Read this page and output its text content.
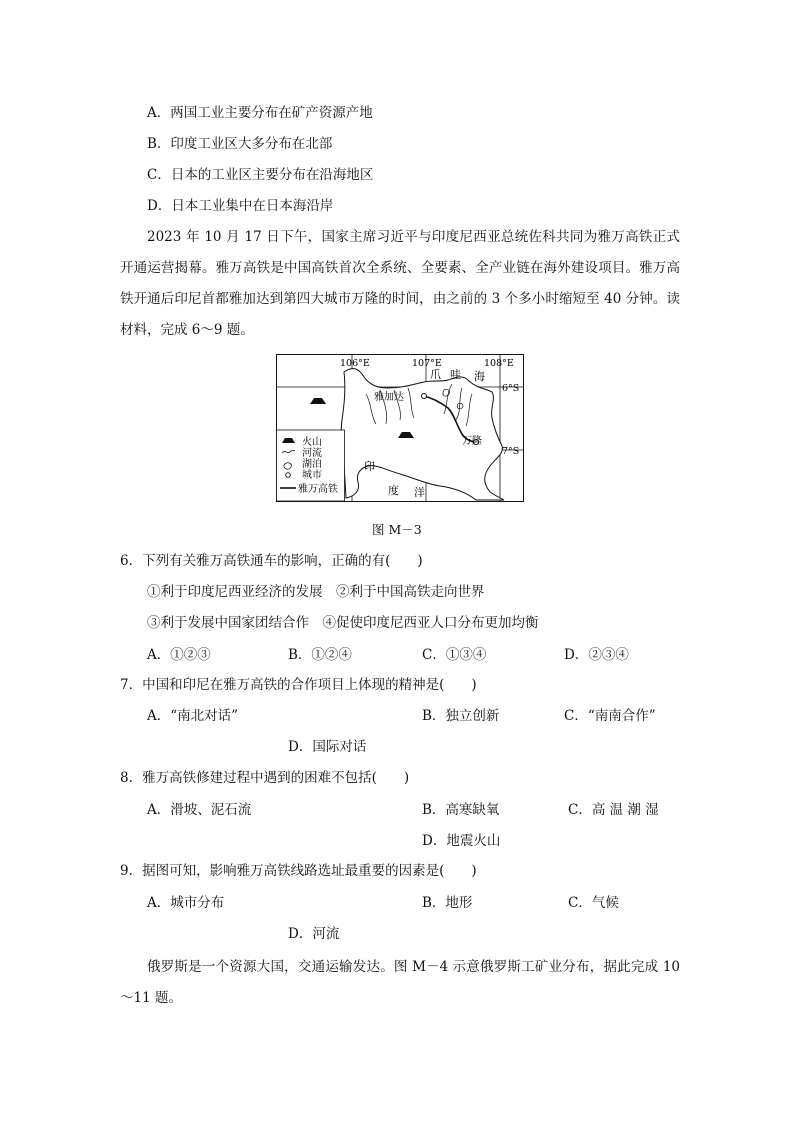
A．两国工业主要分布在矿产资源产地
B．印度工业区大多分布在北部
C．日本的工业区主要分布在沿海地区
D．日本工业集中在日本海沿岸
2023 年 10 月 17 日下午，国家主席习近平与印度尼西亚总统佐科共同为雅万高铁正式开通运营揭幕。雅万高铁是中国高铁首次全系统、全要素、全产业链在海外建设项目。雅万高铁开通后印尼首都雅加达到第四大城市万隆的时间，由之前的 3 个多小时缩短至 40 分钟。读材料，完成 6～9 题。
106°E	107°E	108°E
6°S
7°S
爪 哇 海
印
度 洋
雅加达
万隆
火山
河流
湖泊
城市
雅万高铁
图 M－3
6．下列有关雅万高铁通车的影响，正确的有(　　)
①利于印度尼西亚经济的发展　②利于中国高铁走向世界
③利于发展中国家团结合作　④促使印度尼西亚人口分布更加均衡
A．①②③	B．①②④	C．①③④	D．②③④
7．中国和印尼在雅万高铁的合作项目上体现的精神是(　　)
A．“南北对话”	B．独立创新	C．“南南合作”
D．国际对话
8．雅万高铁修建过程中遇到的困难不包括(　　)
A．滑坡、泥石流	B．高寒缺氧	C．高 温 潮 湿
D．地震火山
9．据图可知，影响雅万高铁线路选址最重要的因素是(　　)
A．城市分布	B．地形	C．气候
D．河流
俄罗斯是一个资源大国，交通运输发达。图 M－4 示意俄罗斯工矿业分布，据此完成 10～11 题。
